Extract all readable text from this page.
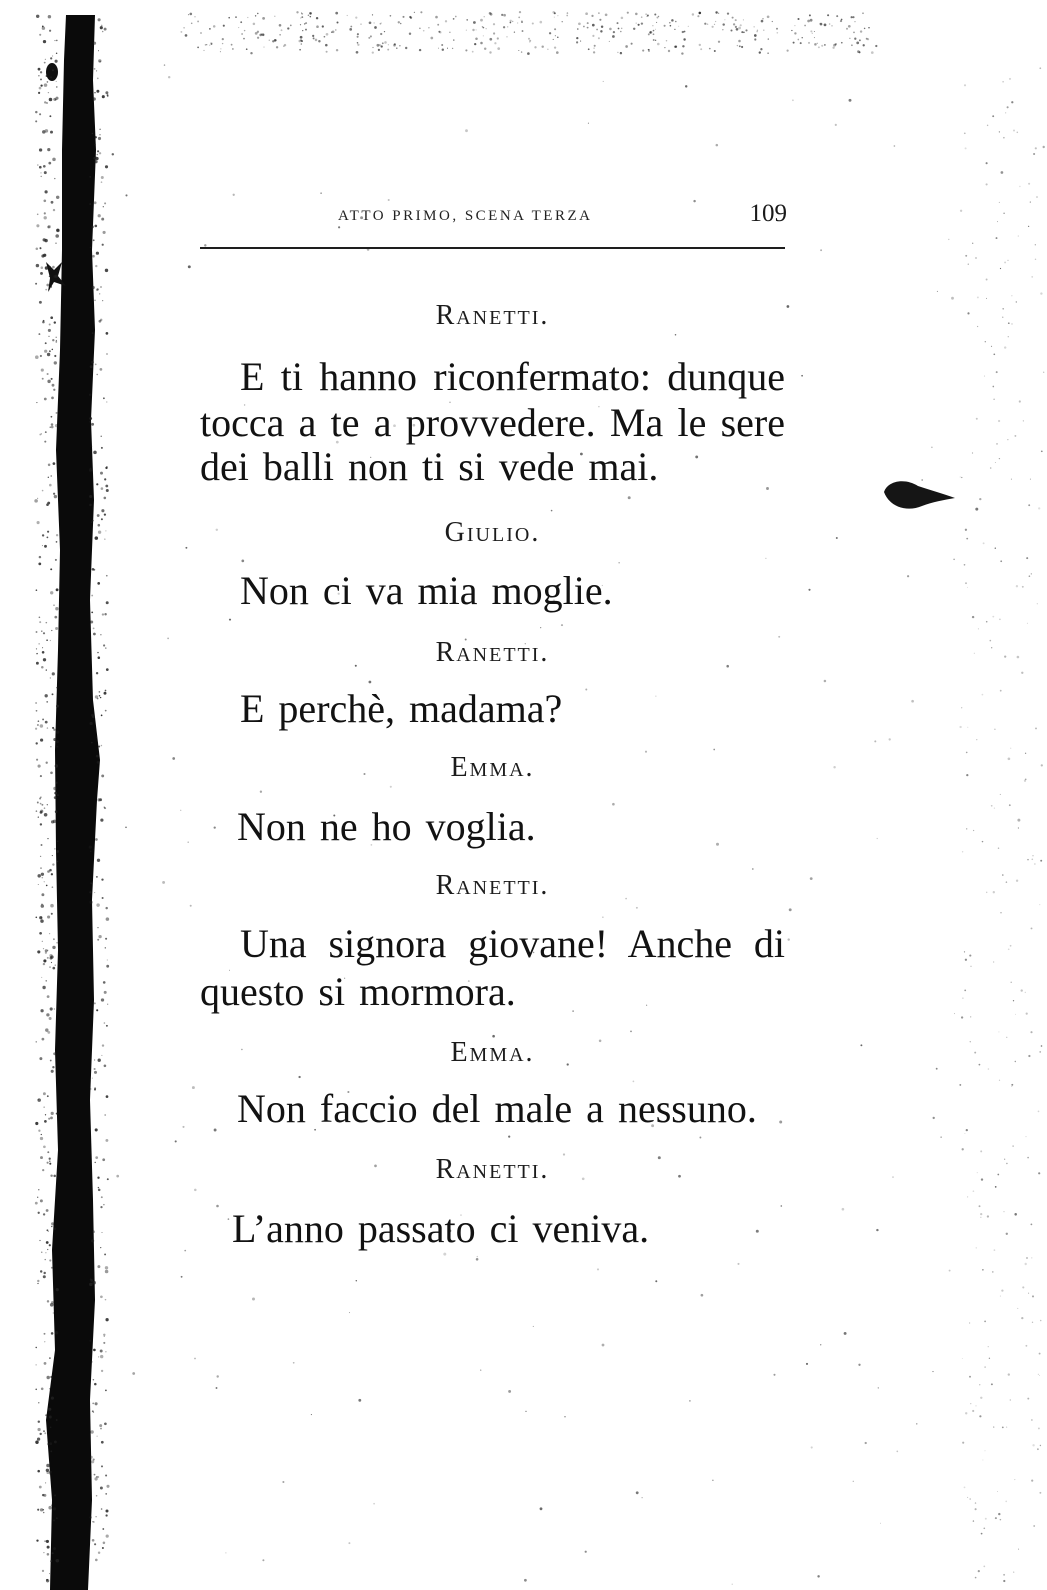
ATTO PRIMO, SCENA TERZA	109
Ranetti.
E ti hanno riconfermato: dunque
tocca a te a provvedere. Ma le sere
dei balli non ti si vede mai.
Giulio.
Non ci va mia moglie.
Ranetti.
E perchè, madama?
Emma.
Non ne ho voglia.
Ranetti.
Una signora giovane! Anche di
questo si mormora.
Emma.
Non faccio del male a nessuno.
Ranetti.
L’anno passato ci veniva.
